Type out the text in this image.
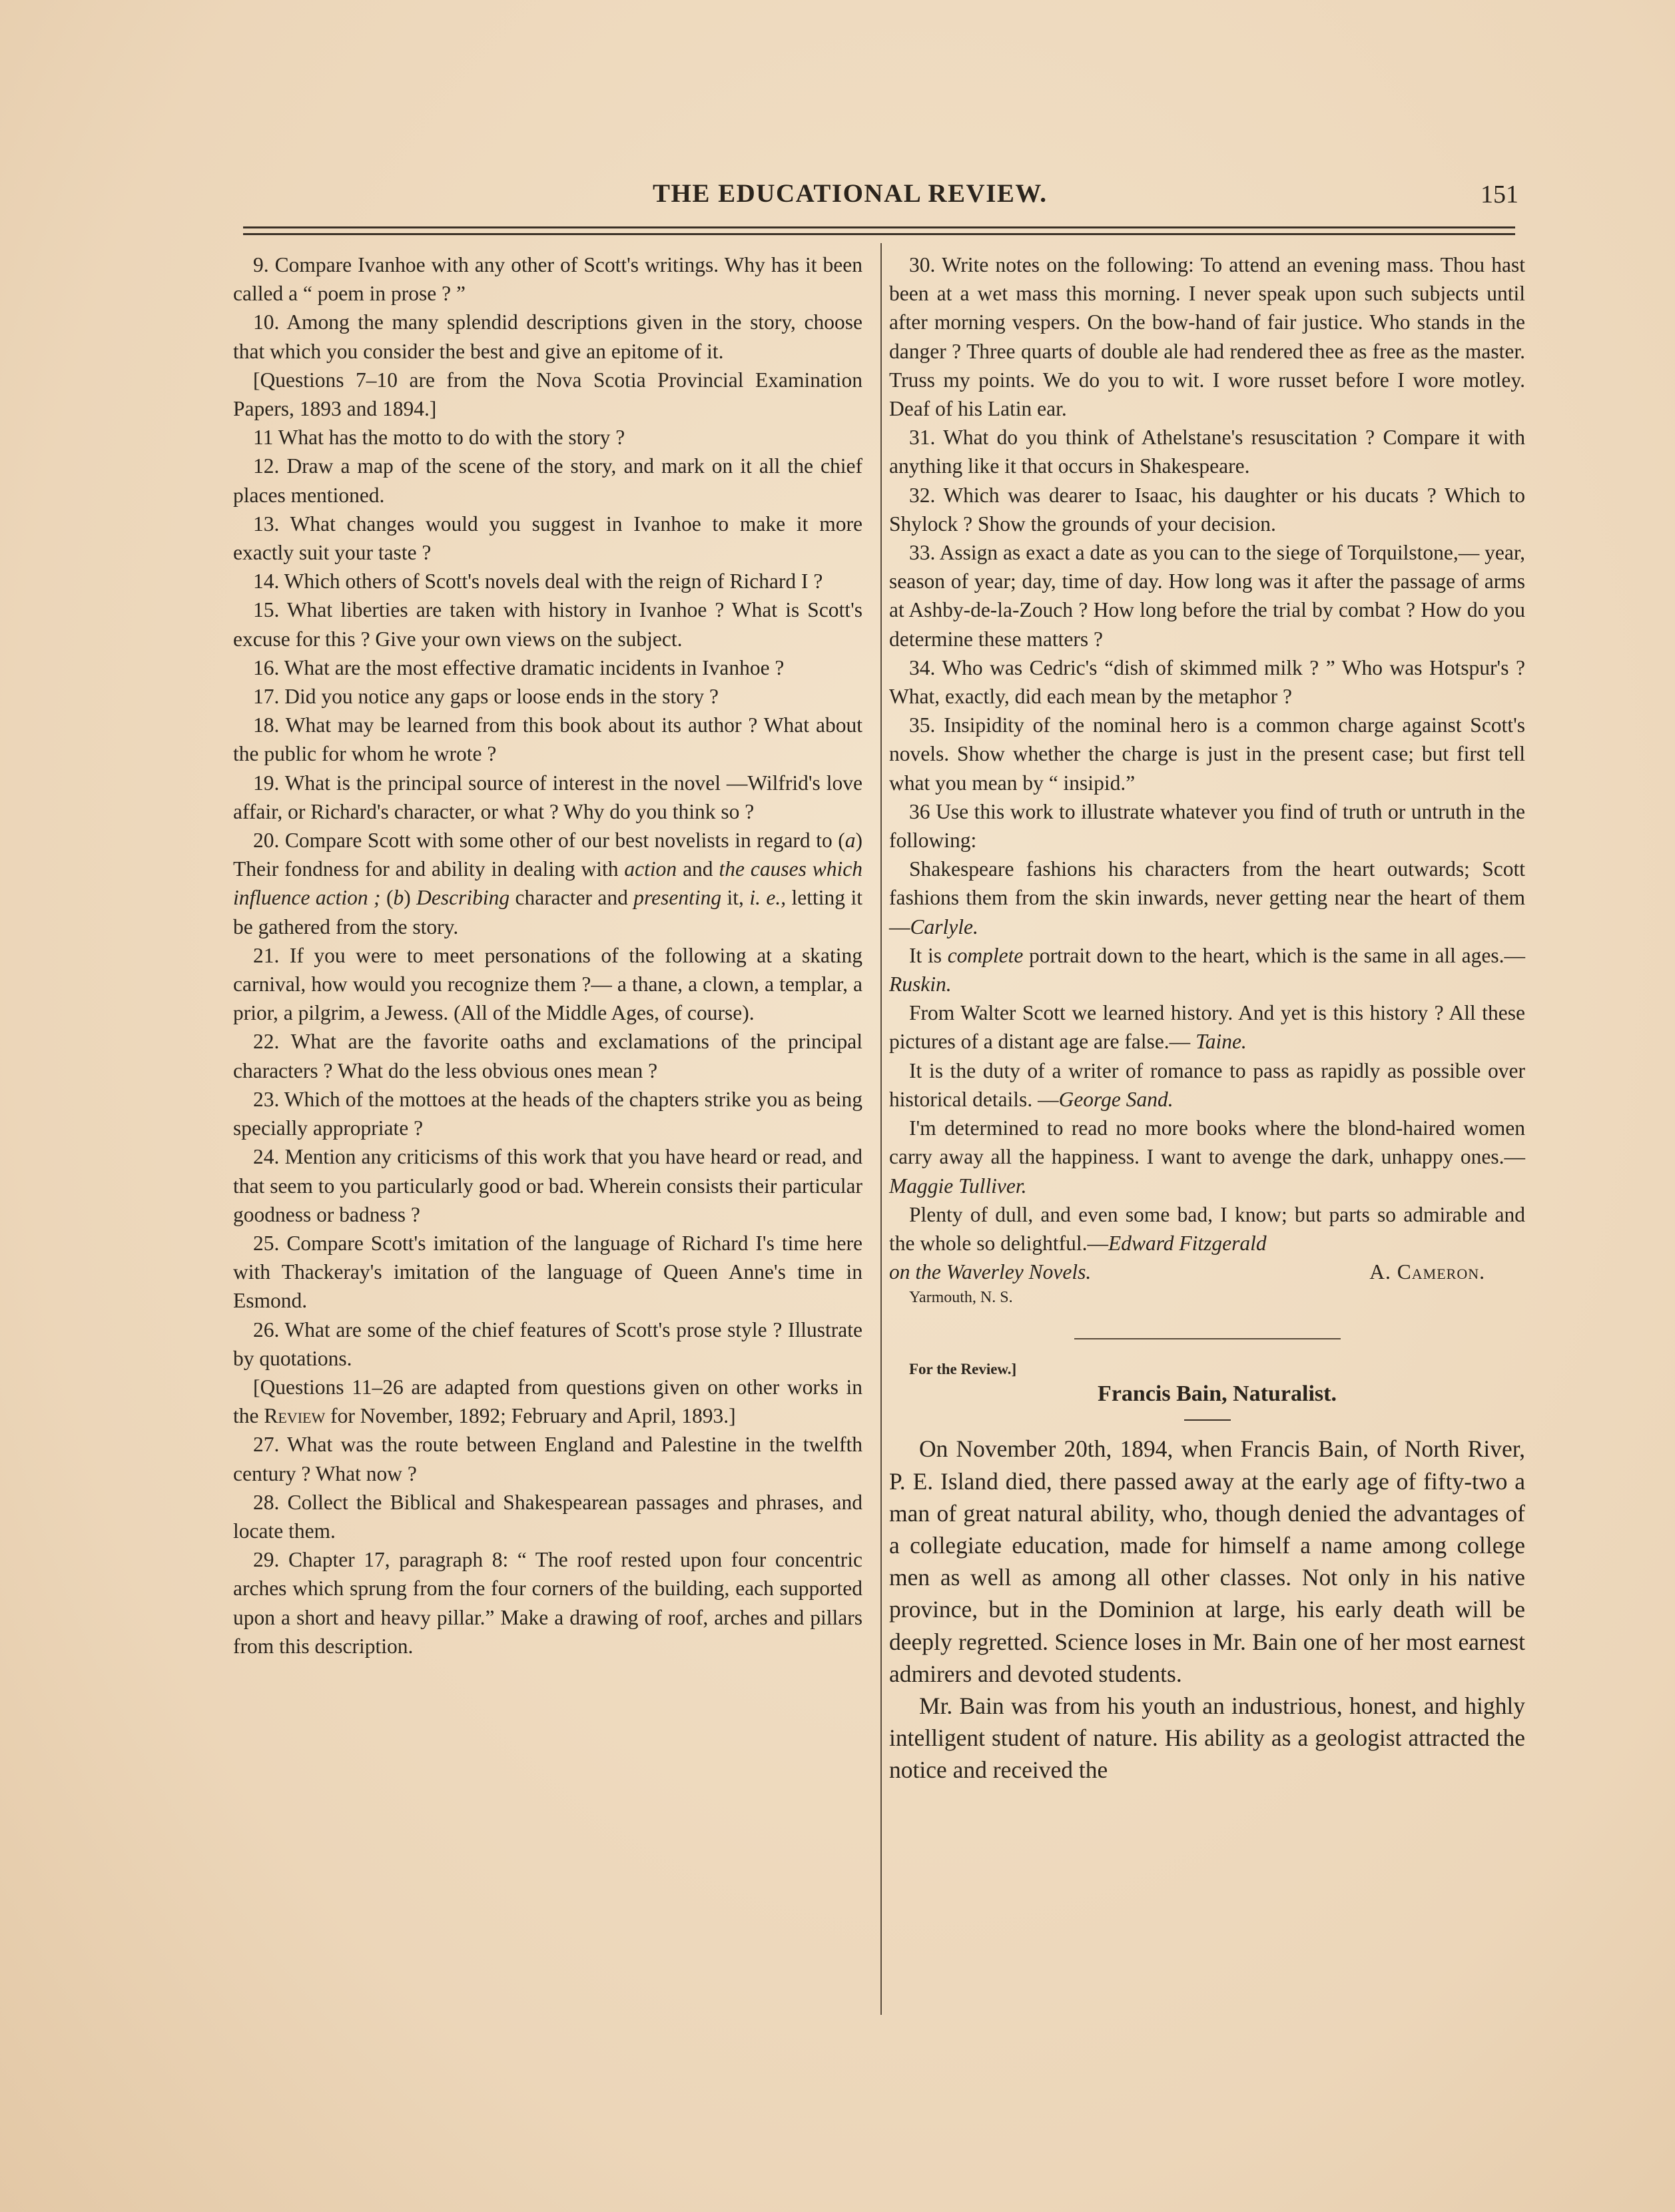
THE EDUCATIONAL REVIEW.	151

9. Compare Ivanhoe with any other of Scott's writings. Why has it been called a “ poem in prose ? ”

10. Among the many splendid descriptions given in the story, choose that which you consider the best and give an epitome of it.

[Questions 7–10 are from the Nova Scotia Provincial Examination Papers, 1893 and 1894.]

11 What has the motto to do with the story ?

12. Draw a map of the scene of the story, and mark on it all the chief places mentioned.

13. What changes would you suggest in Ivanhoe to make it more exactly suit your taste ?

14. Which others of Scott's novels deal with the reign of Richard I ?

15. What liberties are taken with history in Ivanhoe ? What is Scott's excuse for this ? Give your own views on the subject.

16. What are the most effective dramatic incidents in Ivanhoe ?

17. Did you notice any gaps or loose ends in the story ?

18. What may be learned from this book about its author ? What about the public for whom he wrote ?

19. What is the principal source of interest in the novel —Wilfrid's love affair, or Richard's character, or what ? Why do you think so ?

20. Compare Scott with some other of our best novelists in regard to (a) Their fondness for and ability in dealing with action and the causes which influence action ; (b) Describing character and presenting it, i. e., letting it be gathered from the story.

21. If you were to meet personations of the following at a skating carnival, how would you recognize them ?— a thane, a clown, a templar, a prior, a pilgrim, a Jewess. (All of the Middle Ages, of course).

22. What are the favorite oaths and exclamations of the principal characters ? What do the less obvious ones mean ?

23. Which of the mottoes at the heads of the chapters strike you as being specially appropriate ?

24. Mention any criticisms of this work that you have heard or read, and that seem to you particularly good or bad. Wherein consists their particular goodness or badness ?

25. Compare Scott's imitation of the language of Richard I's time here with Thackeray's imitation of the language of Queen Anne's time in Esmond.

26. What are some of the chief features of Scott's prose style ? Illustrate by quotations.

[Questions 11–26 are adapted from questions given on other works in the Review for November, 1892; February and April, 1893.]

27. What was the route between England and Palestine in the twelfth century ? What now ?

28. Collect the Biblical and Shakespearean passages and phrases, and locate them.

29. Chapter 17, paragraph 8: “ The roof rested upon four concentric arches which sprung from the four corners of the building, each supported upon a short and heavy pillar.” Make a drawing of roof, arches and pillars from this description.

30. Write notes on the following: To attend an evening mass. Thou hast been at a wet mass this morning. I never speak upon such subjects until after morning vespers. On the bow-hand of fair justice. Who stands in the danger ? Three quarts of double ale had rendered thee as free as the master. Truss my points. We do you to wit. I wore russet before I wore motley. Deaf of his Latin ear.

31. What do you think of Athelstane's resuscitation ? Compare it with anything like it that occurs in Shakespeare.

32. Which was dearer to Isaac, his daughter or his ducats ? Which to Shylock ? Show the grounds of your decision.

33. Assign as exact a date as you can to the siege of Torquilstone,— year, season of year; day, time of day. How long was it after the passage of arms at Ashby-de-la-Zouch ? How long before the trial by combat ? How do you determine these matters ?

34. Who was Cedric's “dish of skimmed milk ? ” Who was Hotspur's ? What, exactly, did each mean by the metaphor ?

35. Insipidity of the nominal hero is a common charge against Scott's novels. Show whether the charge is just in the present case; but first tell what you mean by “ insipid.”

36 Use this work to illustrate whatever you find of truth or untruth in the following:

Shakespeare fashions his characters from the heart outwards; Scott fashions them from the skin inwards, never getting near the heart of them —Carlyle.

It is complete portrait down to the heart, which is the same in all ages.—Ruskin.

From Walter Scott we learned history. And yet is this history ? All these pictures of a distant age are false.— Taine.

It is the duty of a writer of romance to pass as rapidly as possible over historical details. —George Sand.

I'm determined to read no more books where the blond-haired women carry away all the happiness. I want to avenge the dark, unhappy ones.—Maggie Tulliver.

Plenty of dull, and even some bad, I know; but parts so admirable and the whole so delightful.—Edward Fitzgerald

on the Waverley Novels.	A. Cameron.

Yarmouth, N. S.

For the Review.]

Francis Bain, Naturalist.

On November 20th, 1894, when Francis Bain, of North River, P. E. Island died, there passed away at the early age of fifty-two a man of great natural ability, who, though denied the advantages of a collegiate education, made for himself a name among college men as well as among all other classes. Not only in his native province, but in the Dominion at large, his early death will be deeply regretted. Science loses in Mr. Bain one of her most earnest admirers and devoted students.

Mr. Bain was from his youth an industrious, honest, and highly intelligent student of nature. His ability as a geologist attracted the notice and received the
